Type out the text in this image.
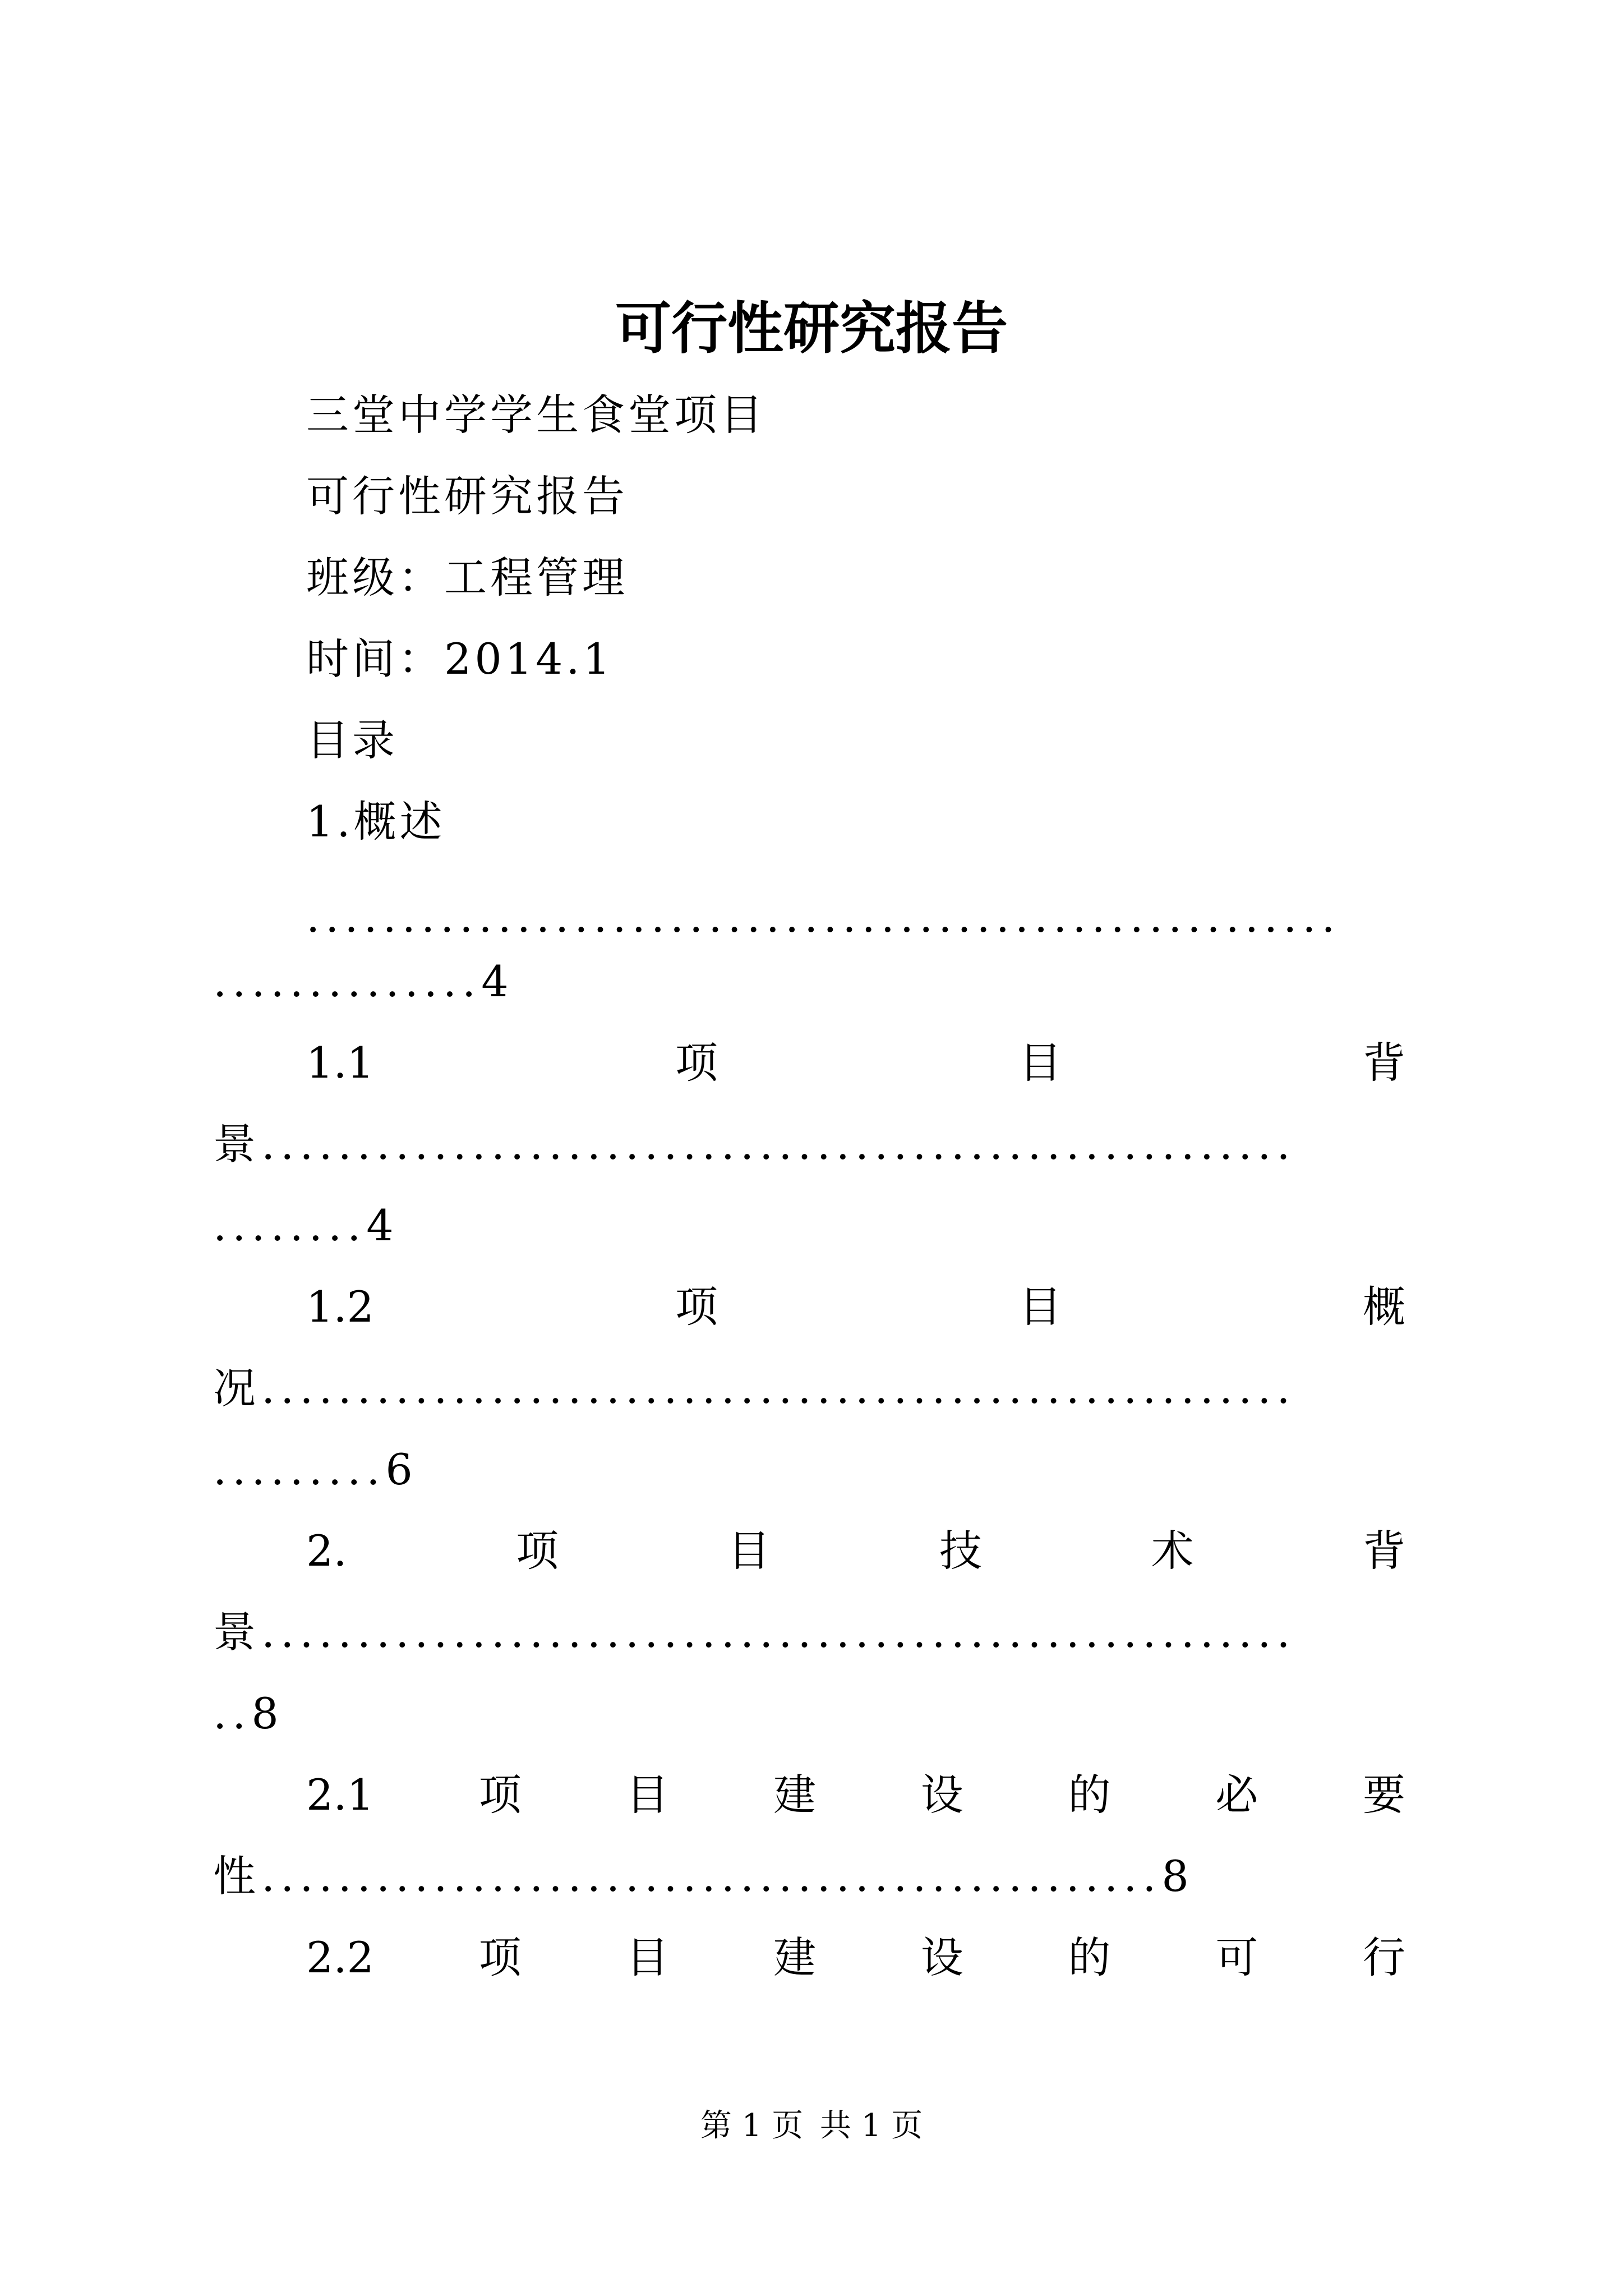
可行性研究报告
三堂中学学生食堂项目
可行性研究报告
班级：工程管理
时间：2014.1
目录
1.概述
......................................................
..............4
1.1	项	目	背
景......................................................
........4
1.2	项	目	概
况......................................................
.........6
2.	项	目	技	术	背
景......................................................
..8
2.1 项 目 建 设 的 必 要
性...............................................8
2.2 项 目 建 设 的 可 行
第 1 页 共 1 页
